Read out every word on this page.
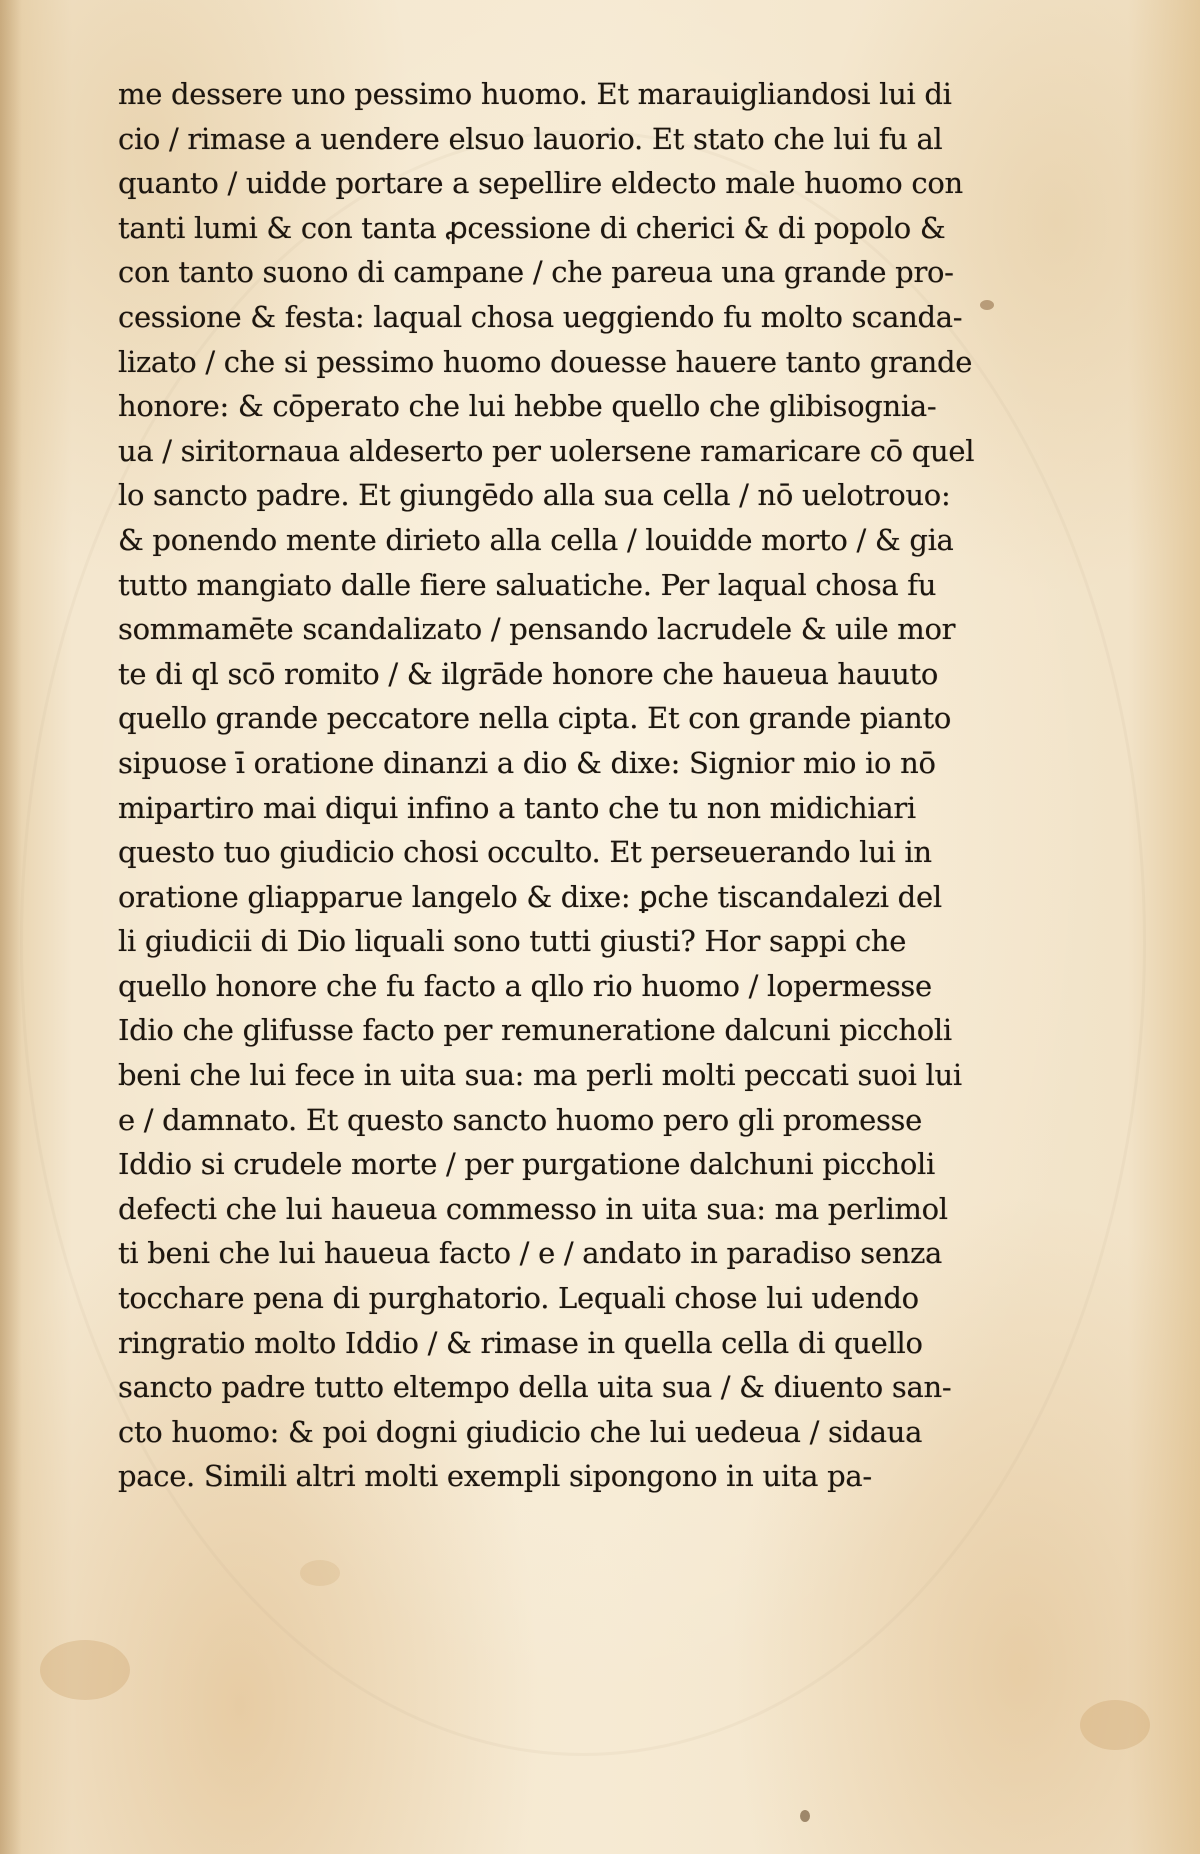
me dessere uno pessimo huomo. Et marauigliandosi lui di
cio / rimase a uendere elsuo lauorio. Et stato che lui fu al
quanto / uidde portare a sepellire eldecto male huomo con
tanti lumi & con tanta ꝓcessione di cherici & di popolo &
con tanto suono di campane / che pareua una grande pro-
cessione & festa: laqual chosa ueggiendo fu molto scanda-
lizato / che si pessimo huomo douesse hauere tanto grande
honore: & cōperato che lui hebbe quello che glibisognia-
ua / siritornaua aldeserto per uolersene ramaricare cō quel
lo sancto padre. Et giungēdo alla sua cella / nō uelotrouo:
& ponendo mente dirieto alla cella / louidde morto / & gia
tutto mangiato dalle fiere saluatiche. Per laqual chosa fu
sommamēte scandalizato / pensando lacrudele & uile mor
te di ql scō romito / & ilgrāde honore che haueua hauuto
quello grande peccatore nella cipta. Et con grande pianto
sipuose ī oratione dinanzi a dio & dixe: Signior mio io nō
mipartiro mai diqui infino a tanto che tu non midichiari
questo tuo giudicio chosi occulto. Et perseuerando lui in
oratione gliapparue langelo & dixe: ꝑche tiscandalezi del
li giudicii di Dio liquali sono tutti giusti? Hor sappi che
quello honore che fu facto a qllo rio huomo / lopermesse
Idio che glifusse facto per remuneratione dalcuni piccholi
beni che lui fece in uita sua: ma perli molti peccati suoi lui
e / damnato. Et questo sancto huomo pero gli promesse
Iddio si crudele morte / per purgatione dalchuni piccholi
defecti che lui haueua commesso in uita sua: ma perlimol
ti beni che lui haueua facto / e / andato in paradiso senza
tocchare pena di purghatorio. Lequali chose lui udendo
ringratio molto Iddio / & rimase in quella cella di quello
sancto padre tutto eltempo della uita sua / & diuento san-
cto huomo: & poi dogni giudicio che lui uedeua / sidaua
pace. Simili altri molti exempli sipongono in uita pa-
